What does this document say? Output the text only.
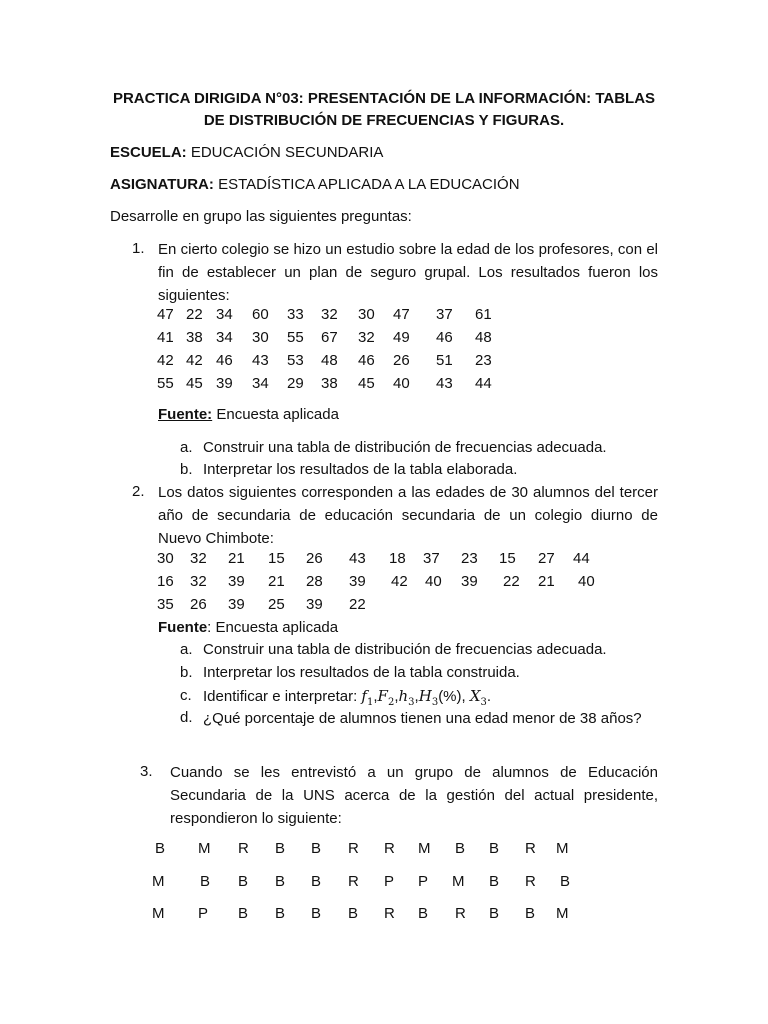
PRACTICA DIRIGIDA N°03: PRESENTACIÓN DE LA INFORMACIÓN: TABLAS
DE DISTRIBUCIÓN DE FRECUENCIAS Y FIGURAS.
ESCUELA: EDUCACIÓN SECUNDARIA
ASIGNATURA: ESTADÍSTICA APLICADA A LA EDUCACIÓN
Desarrolle en grupo las siguientes preguntas:
1. En cierto colegio se hizo un estudio sobre la edad de los profesores, con el fin de establecer un plan de seguro grupal. Los resultados fueron los siguientes:
47 22 34 60 33 32 30 47 37 61
41 38 34 30 55 67 32 49 46 48
42 42 46 43 53 48 46 26 51 23
55 45 39 34 29 38 45 40 43 44
Fuente: Encuesta aplicada
a. Construir una tabla de distribución de frecuencias adecuada.
b. Interpretar los resultados de la tabla elaborada.
2. Los datos siguientes corresponden a las edades de 30 alumnos del tercer año de secundaria de educación secundaria de un colegio diurno de Nuevo Chimbote:
30 32 21 15 26 43 18 37 23 15 27 44
16 32 39 21 28 39 42 40 39 22 21 40
35 26 39 25 39 22
Fuente: Encuesta aplicada
a. Construir una tabla de distribución de frecuencias adecuada.
b. Interpretar los resultados de la tabla construida.
c. Identificar e interpretar: $f_1,F_2,h_3,H_3(\%)$, $X_3$.
d. ¿Qué porcentaje de alumnos tienen una edad menor de 38 años?
3. Cuando se les entrevistó a un grupo de alumnos de Educación Secundaria de la UNS acerca de la gestión del actual presidente, respondieron lo siguiente:
B M R B B R R M B B R M
M B B B B R P P M B R B
M P B B B B R B R B B M
